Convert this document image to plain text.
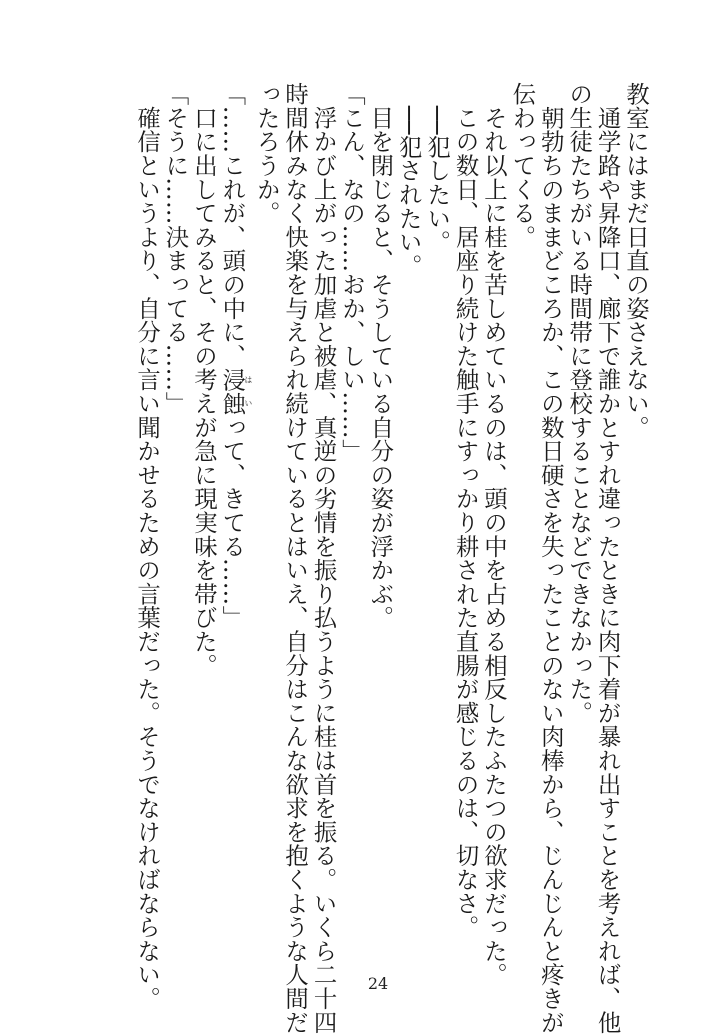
教室にはまだ日直の姿さえない。
　通学路や昇降口、廊下で誰かとすれ違ったときに肉下着が暴れ出すことを考えれば、他
の生徒たちがいる時間帯に登校することなどできなかった。
　朝勃ちのままどころか、この数日硬さを失ったことのない肉棒から、じんじんと疼きが
伝わってくる。
　それ以上に桂を苦しめているのは、頭の中を占める相反したふたつの欲求だった。
　この数日、居座り続けた触手にすっかり耕された直腸が感じるのは、切なさ。
　──犯したい。
　──犯されたい。
　目を閉じると、そうしている自分の姿が浮かぶ。
「こん、なの……おか、しい……」
　浮かび上がった加虐と被虐、真逆の劣情を振り払うように桂は首を振る。いくら二十四
時間休みなく快楽を与えられ続けているとはいえ、自分はこんな欲求を抱くような人間だ
ったろうか。
「……これが、頭の中に、浸蝕はいって、きてる……」
　口に出してみると、その考えが急に現実味を帯びた。
「そうに……決まってる……」
　確信というより、自分に言い聞かせるための言葉だった。そうでなければならない。	24
